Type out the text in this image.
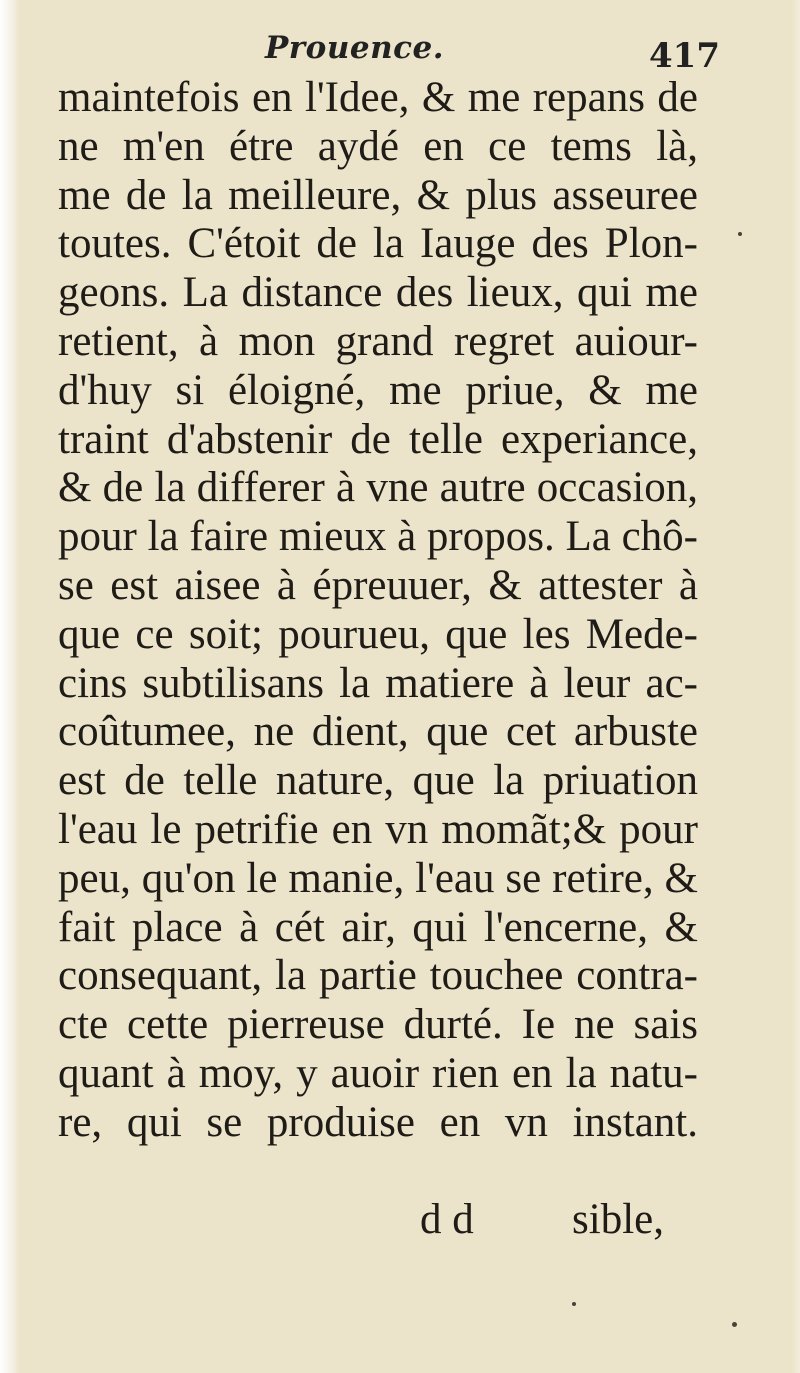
Prouence.	417
maintefois en l'Idee, & me repans de
ne m'en étre aydé en ce tems là,
me de la meilleure, & plus asseuree
toutes. C'étoit de la Iauge des Plon-
geons. La distance des lieux, qui me
retient, à mon grand regret auiour-
d'huy si éloigné, me priue, & me
traint d'abstenir de telle experiance,
& de la differer à vne autre occasion,
pour la faire mieux à propos. La chô-
se est aisee à épreuuer, & attester à
que ce soit; pourueu, que les Mede-
cins subtilisans la matiere à leur ac-
coûtumee, ne dient, que cet arbuste
est de telle nature, que la priuation
l'eau le petrifie en vn momãt;& pour
peu, qu'on le manie, l'eau se retire, &
fait place à cét air, qui l'encerne, &
consequant, la partie touchee contra-
cte cette pierreuse durté. Ie ne sais
quant à moy, y auoir rien en la natu-
re, qui se produise en vn instant.
d d sible,
